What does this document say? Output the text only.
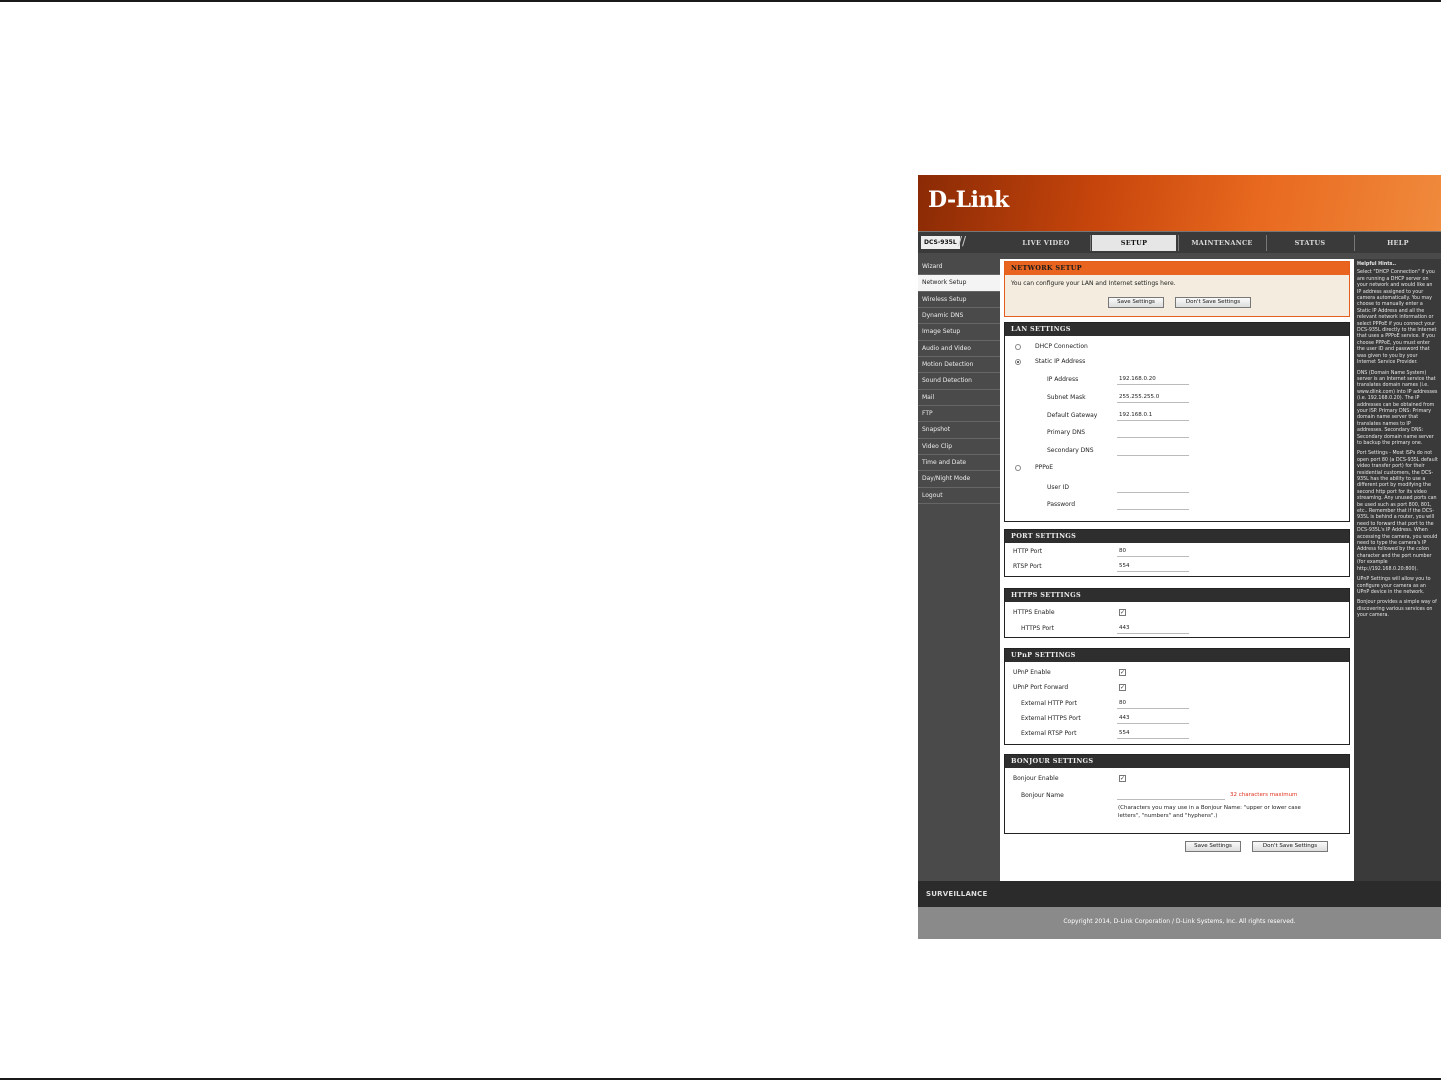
D-Link
DCS-935L //	LIVE VIDEO	SETUP	MAINTENANCE	STATUS	HELP
Wizard
Network Setup
Wireless Setup
Dynamic DNS
Image Setup
Audio and Video
Motion Detection
Sound Detection
Mail
FTP
Snapshot
Video Clip
Time and Date
Day/Night Mode
Logout
NETWORK SETUP
You can configure your LAN and Internet settings here.
Save Settings	Don't Save Settings
LAN SETTINGS
DHCP Connection
Static IP Address
IP Address	192.168.0.20
Subnet Mask	255.255.255.0
Default Gateway	192.168.0.1
Primary DNS
Secondary DNS
PPPoE
User ID
Password
PORT SETTINGS
HTTP Port	80
RTSP Port	554
HTTPS SETTINGS
HTTPS Enable	✓
HTTPS Port	443
UPnP SETTINGS
UPnP Enable	✓
UPnP Port Forward	✓
External HTTP Port	80
External HTTPS Port	443
External RTSP Port	554
BONJOUR SETTINGS
Bonjour Enable	✓
Bonjour Name	32 characters maximum
(Characters you may use in a Bonjour Name: "upper or lower case
letters", "numbers" and "hyphens".)
Save Settings	Don't Save Settings
Helpful Hints..

Select "DHCP Connection" if you are running a DHCP server on your network and would like an IP address assigned to your camera automatically. You may choose to manually enter a Static IP Address and all the relevant network information or select PPPoE if you connect your DCS-935L directly to the Internet that uses a PPPoE service. If you choose PPPoE, you must enter the user ID and password that was given to you by your Internet Service Provider.

DNS (Domain Name System) server is an Internet service that translates domain names (i.e. www.dlink.com) into IP addresses (i.e. 192.168.0.20). The IP addresses can be obtained from your ISP. Primary DNS: Primary domain name server that translates names to IP addresses. Secondary DNS: Secondary domain name server to backup the primary one.

Port Settings - Most ISPs do not open port 80 (a DCS-935L default video transfer port) for their residential customers, the DCS-935L has the ability to use a different port by modifying the second http port for its video streaming. Any unused ports can be used such as port 800, 801, etc.. Remember that if the DCS-935L is behind a router, you will need to forward that port to the DCS-935L's IP Address. When accessing the camera, you would need to type the camera's IP Address followed by the colon character and the port number (for example http://192.168.0.20:800).

UPnP Settings will allow you to configure your camera as an UPnP device in the network.

Bonjour provides a simple way of discovering various services on your camera.

SURVEILLANCE
Copyright 2014, D-Link Corporation / D-Link Systems, Inc. All rights reserved.
